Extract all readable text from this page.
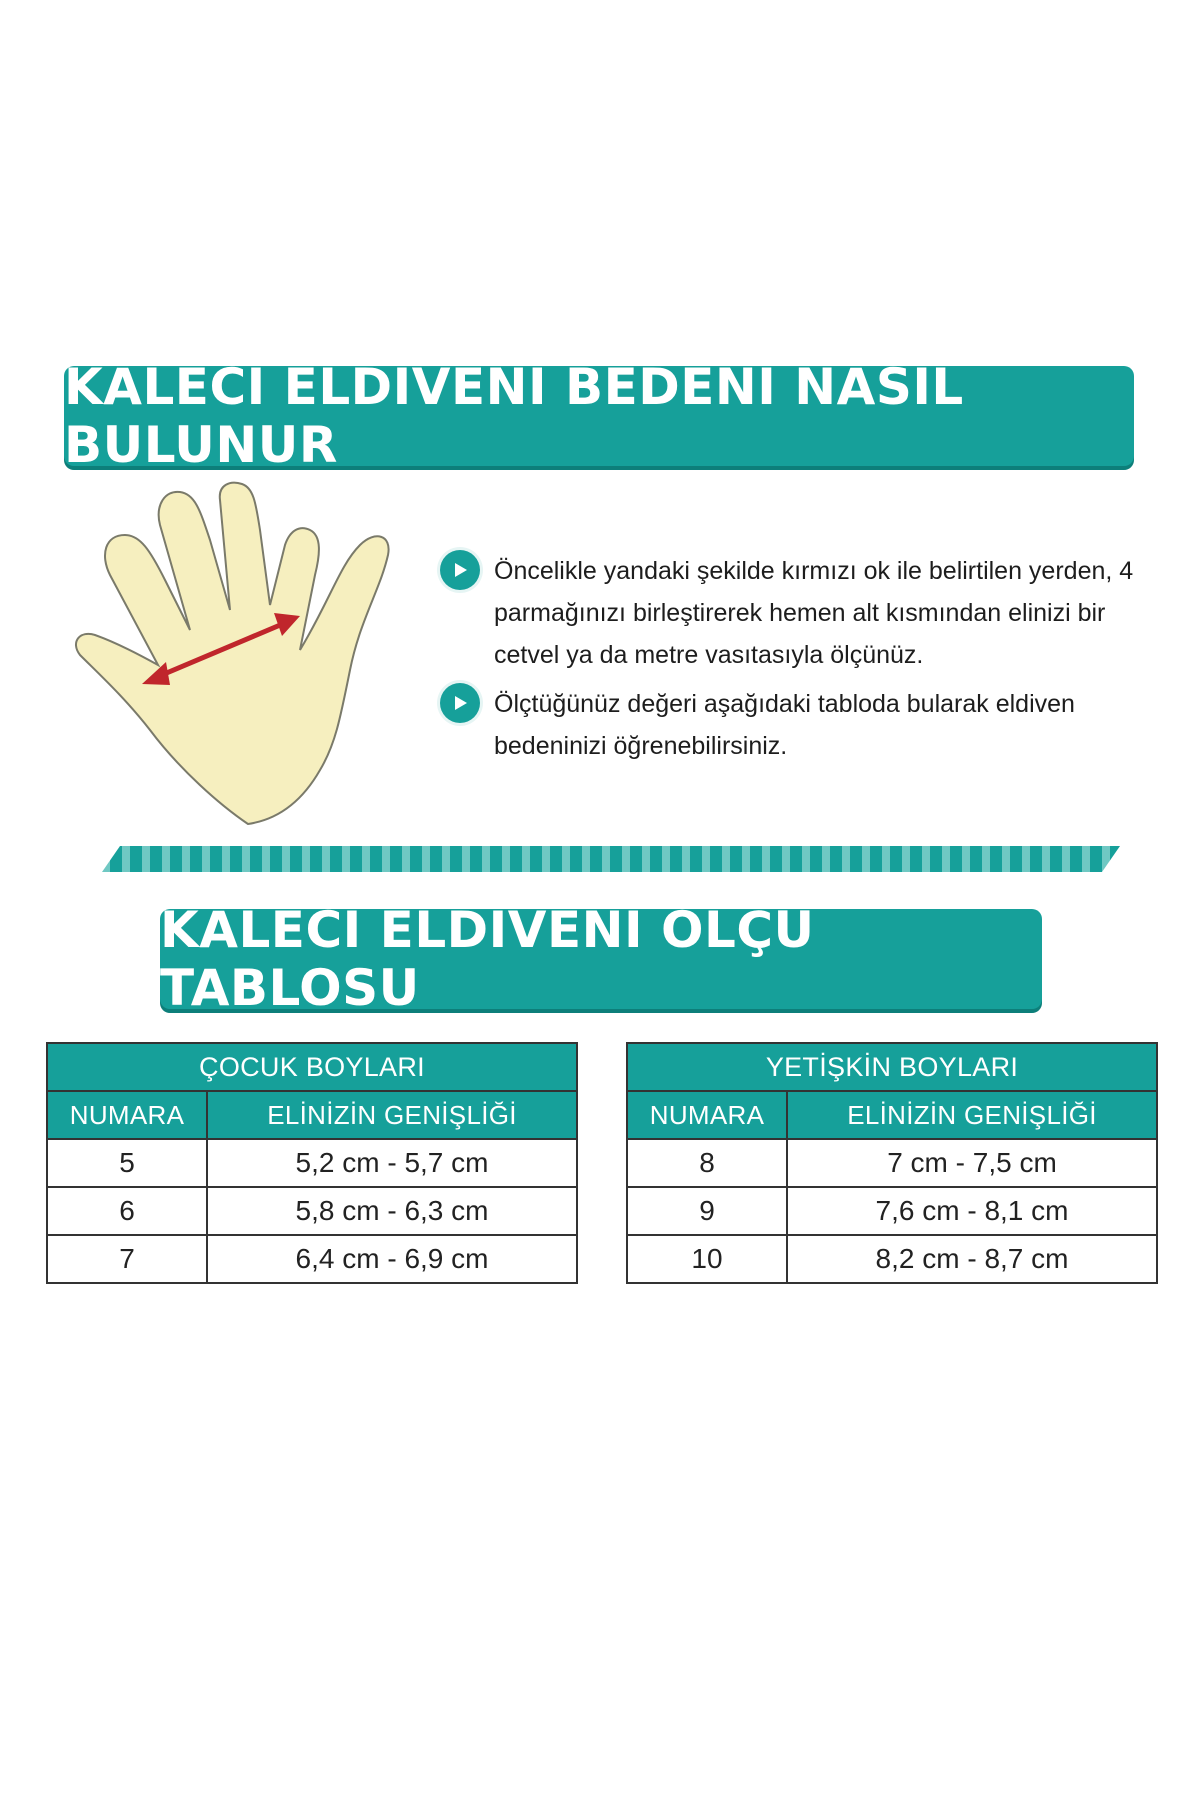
KALECİ ELDİVENİ BEDENİ NASIL BULUNUR
Öncelikle yandaki şekilde kırmızı ok ile belirtilen yerden, 4 parmağınızı birleştirerek hemen alt kısmından elinizi bir cetvel ya da metre vasıtasıyla ölçünüz.
Ölçtüğünüz değeri aşağıdaki tabloda bularak eldiven bedeninizi öğrenebilirsiniz.
KALECİ ELDİVENİ ÖLÇÜ TABLOSU
ÇOCUK BOYLARI	
NUMARA	ELİNİZİN GENİŞLİĞİ
5	5,2 cm - 5,7 cm
6	5,8 cm - 6,3 cm
7	6,4 cm - 6,9 cm
YETİŞKİN BOYLARI	
NUMARA	ELİNİZİN GENİŞLİĞİ
8	7 cm - 7,5 cm
9	7,6 cm - 8,1 cm
10	8,2 cm - 8,7 cm
